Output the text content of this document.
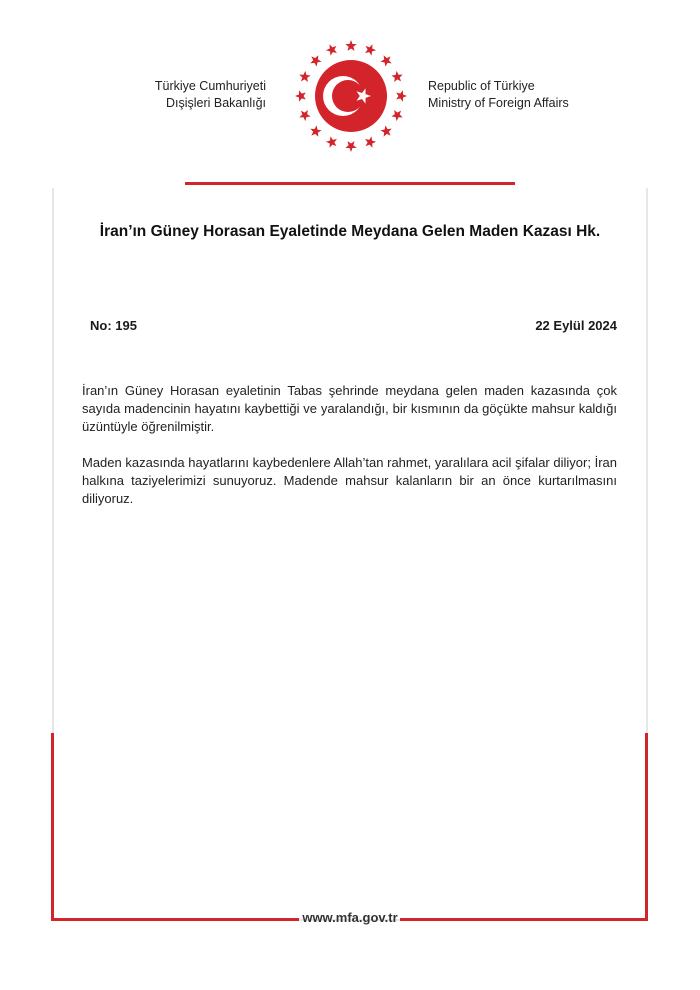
Türkiye Cumhuriyeti
Dışişleri Bakanlığı
Republic of Türkiye
Ministry of Foreign Affairs
İran’ın Güney Horasan Eyaletinde Meydana Gelen Maden Kazası Hk.
No: 195	22 Eylül 2024

İran’ın Güney Horasan eyaletinin Tabas şehrinde meydana gelen maden kazasında çok sayıda madencinin hayatını kaybettiği ve yaralandığı, bir kısmının da göçükte mahsur kaldığı üzüntüyle öğrenilmiştir.

Maden kazasında hayatlarını kaybedenlere Allah’tan rahmet, yaralılara acil şifalar diliyor; İran halkına taziyelerimizi sunuyoruz. Madende mahsur kalanların bir an önce kurtarılmasını diliyoruz.

www.mfa.gov.tr
